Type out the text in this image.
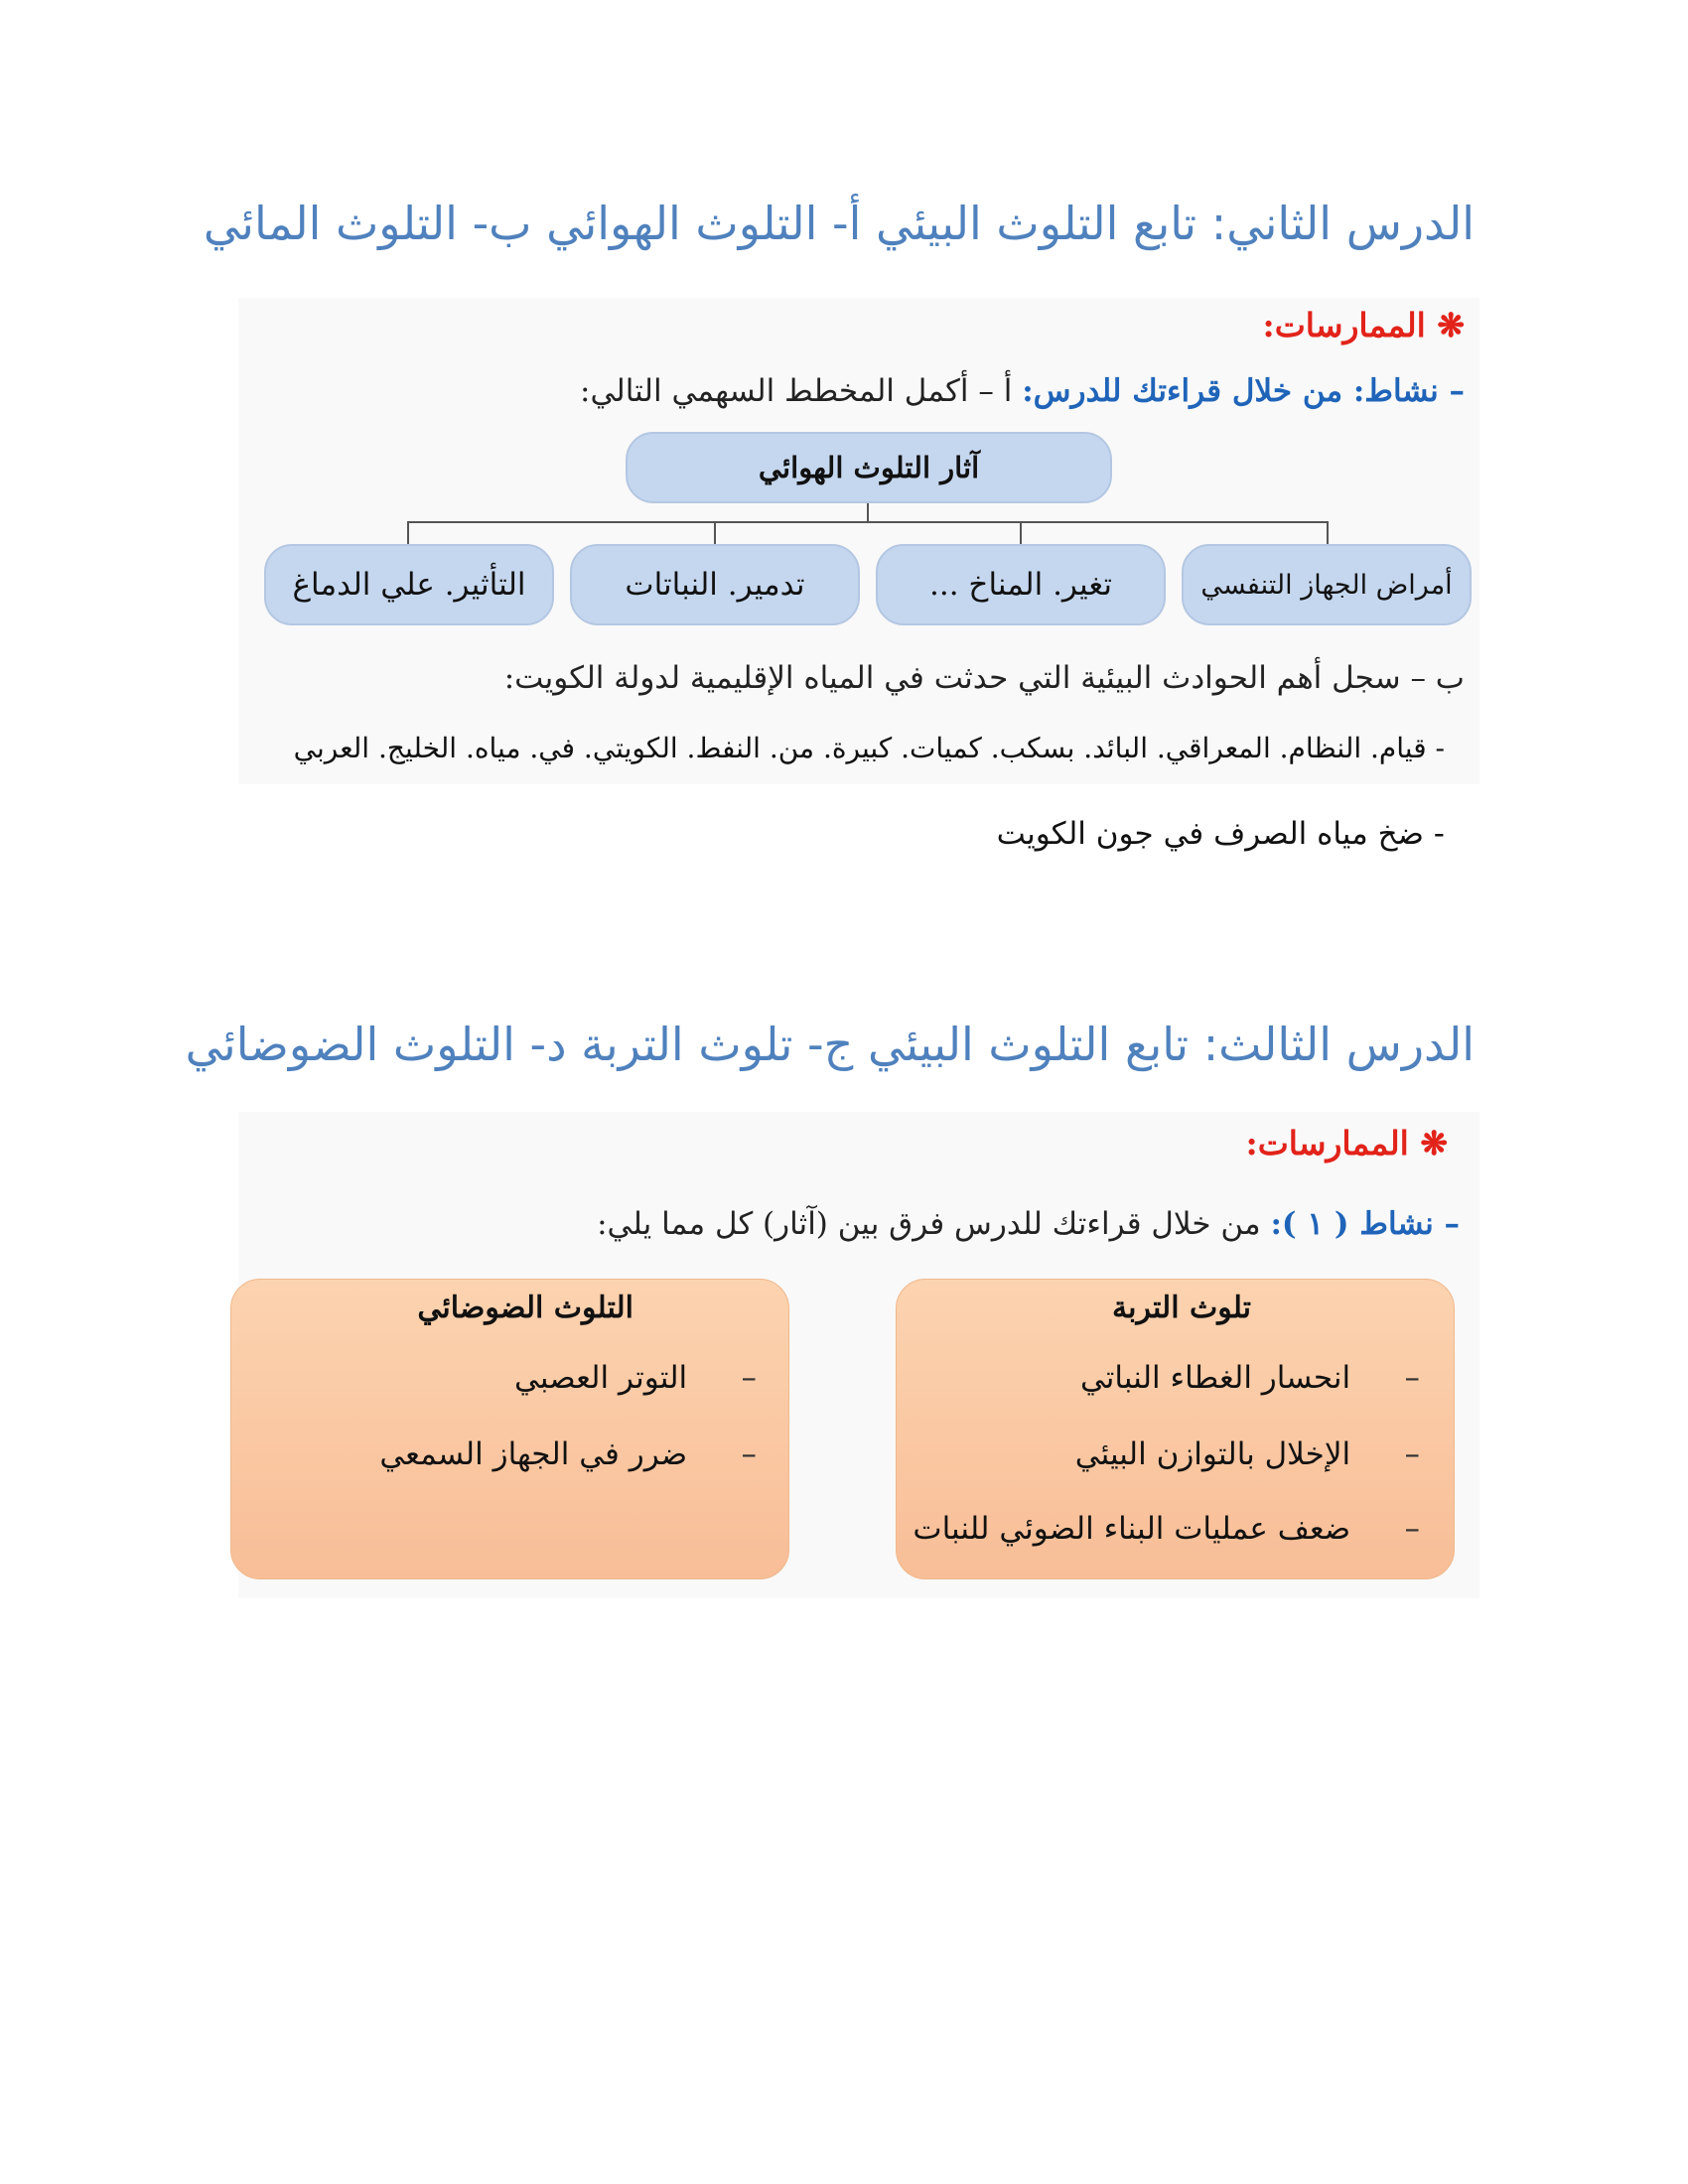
الدرس الثاني: تابع التلوث البيئي أ- التلوث الهوائي ب- التلوث المائي
❋ الممارسات:
– نشاط: من خلال قراءتك للدرس: أ – أكمل المخطط السهمي التالي:
آثار التلوث الهوائي
أمراض الجهاز التنفسي
تغير. المناخ ...
تدمير. النباتات
التأثير. علي الدماغ
ب – سجل أهم الحوادث البيئية التي حدثت في المياه الإقليمية لدولة الكويت:
- قيام. النظام. المعراقي. البائد. بسكب. كميات. كبيرة. من. النفط. الكويتي. في. مياه. الخليج. العربي
- ضخ مياه الصرف في جون الكويت
الدرس الثالث: تابع التلوث البيئي ج- تلوث التربة د- التلوث الضوضائي
❋ الممارسات:
– نشاط ( ١ ): من خلال قراءتك للدرس فرق بين (آثار) كل مما يلي:
تلوث التربة
– انحسار الغطاء النباتي
– الإخلال بالتوازن البيئي
– ضعف عمليات البناء الضوئي للنبات
التلوث الضوضائي
– التوتر العصبي
– ضرر في الجهاز السمعي
